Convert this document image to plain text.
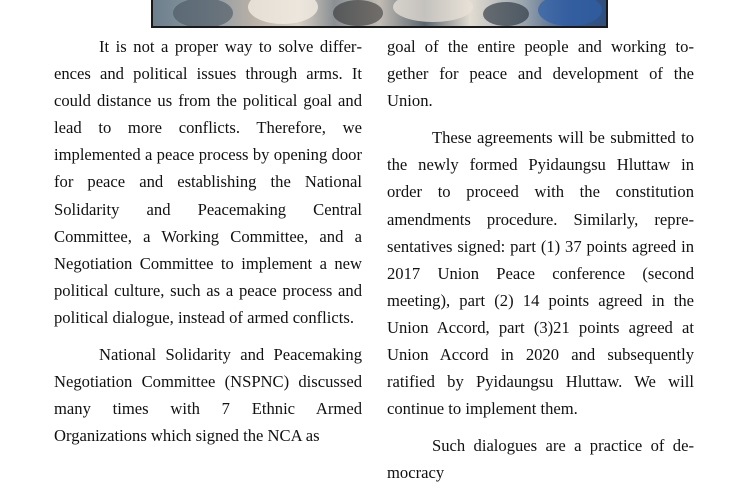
It is not a proper way to solve differences and political issues through arms. It could distance us from the political goal and lead to more conflicts. Therefore, we implemented a peace process by opening door for peace and establishing the National Solidarity and Peacemaking Central Committee, a Working Committee, and a Negotiation Committee to implement a new political culture, such as a peace process and political dialogue, instead of armed conflicts.

National Solidarity and Peacemaking Negotiation Committee (NSPNC) discussed many times with 7 Ethnic Armed Organizations which signed the NCA as

goal of the entire people and working together for peace and development of the Union.

These agreements will be submitted to the newly formed Pyidaungsu Hluttaw in order to proceed with the constitution amendments procedure. Similarly, representatives signed: part (1) 37 points agreed in 2017 Union Peace conference (second meeting), part (2) 14 points agreed in the Union Accord, part (3)21 points agreed at Union Accord in 2020 and subsequently ratified by Pyidaungsu Hluttaw. We will continue to implement them.

Such dialogues are a practice of democracy
